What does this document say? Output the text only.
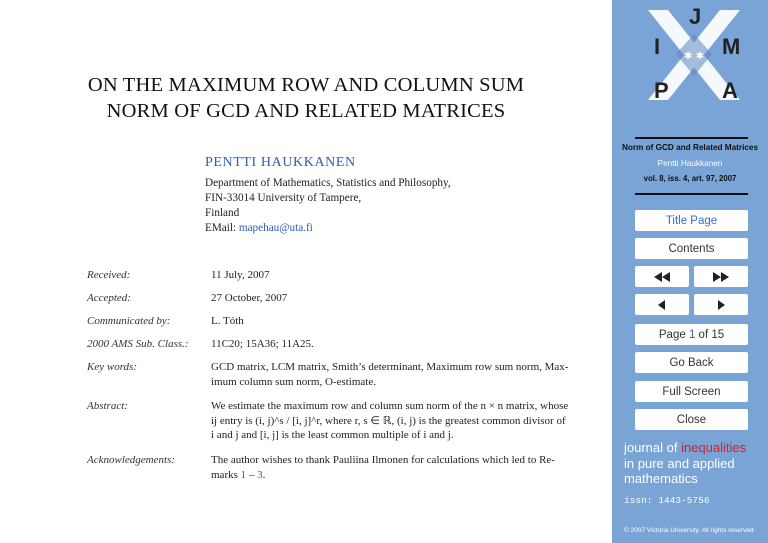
ON THE MAXIMUM ROW AND COLUMN SUM
NORM OF GCD AND RELATED MATRICES
PENTTI HAUKKANEN
Department of Mathematics, Statistics and Philosophy,
FIN-33014 University of Tampere,
Finland
EMail: mapehau@uta.fi
Received:	11 July, 2007
Accepted:	27 October, 2007
Communicated by:	L. Tóth
2000 AMS Sub. Class.:	11C20; 15A36; 11A25.
Key words:	GCD matrix, LCM matrix, Smith’s determinant, Maximum row sum norm, Max-
imum column sum norm, O-estimate.
Abstract:	We estimate the maximum row and column sum norm of the n × n matrix, whose
ij entry is (i, j)^s / [i, j]^r, where r, s ∈ ℝ, (i, j) is the greatest common divisor of
i and j and [i, j] is the least common multiple of i and j.
Acknowledgements:	The author wishes to thank Pauliina Ilmonen for calculations which led to Re-
marks 1 – 3.
✱ ✱
J
I	M
P A
Norm of GCD and Related Matrices
Pentti Haukkanen
vol. 8, iss. 4, art. 97, 2007
Title Page
Contents
Page
1
of 15
Go Back
Full Screen
Close
journal of inequalities
in pure and applied
mathematics
issn: 1443-5756
© 2007 Victoria University. All rights reserved.
